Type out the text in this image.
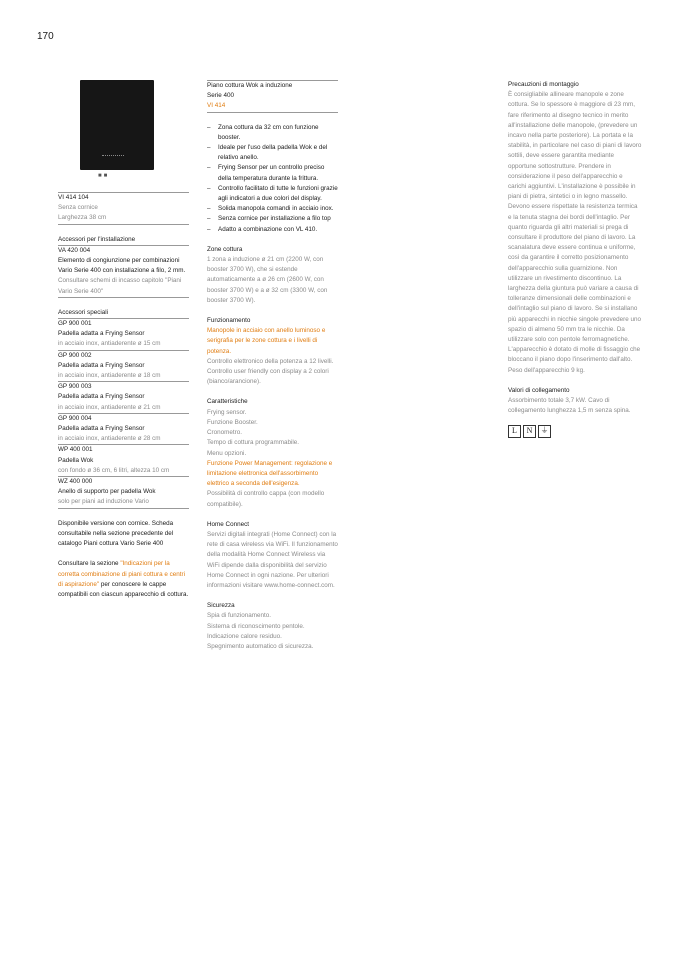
170
■■
VI 414 104
Senza cornice
Larghezza 38 cm
Accessori per l'installazione
VA 420 004
Elemento di congiunzione per combinazioni Vario Serie 400 con installazione a filo, 2 mm.
Consultare schemi di incasso capitolo "Piani Vario Serie 400"
Accessori speciali
GP 900 001
Padella adatta a Frying Sensor
in acciaio inox, antiaderente ø 15 cm
GP 900 002
Padella adatta a Frying Sensor
in acciaio inox, antiaderente ø 18 cm
GP 900 003
Padella adatta a Frying Sensor
in acciaio inox, antiaderente ø 21 cm
GP 900 004
Padella adatta a Frying Sensor
in acciaio inox, antiaderente ø 28 cm
WP 400 001
Padella Wok
con fondo ø 36 cm, 6 litri, altezza 10 cm
WZ 400 000
Anello di supporto per padella Wok
solo per piani ad induzione Vario
Disponibile versione con cornice. Scheda consultabile nella sezione precedente del catalogo Piani cottura Vario Serie 400
Consultare la sezione "Indicazioni per la corretta combinazione di piani cottura e centri di aspirazione" per conoscere le cappe compatibili con ciascun apparecchio di cottura.
Piano cottura Wok a induzione
Serie 400
VI 414
–	Zona cottura da 32 cm con funzione booster.
–	Ideale per l'uso della padella Wok e del relativo anello.
–	Frying Sensor per un controllo preciso della temperatura durante la frittura.
–	Controllo facilitato di tutte le funzioni grazie agli indicatori a due colori del display.
–	Solida manopola comandi in acciaio inox.
–	Senza cornice per installazione a filo top
–	Adatto a combinazione con VL 410.
Zone cottura
1 zona a induzione ø 21 cm (2200 W, con booster 3700 W), che si estende automaticamente a ø 26 cm (2600 W, con booster 3700 W) e a ø 32 cm (3300 W, con booster 3700 W).
Funzionamento
Manopole in acciaio con anello luminoso e serigrafia per le zone cottura e i livelli di potenza.
Controllo elettronico della potenza a 12 livelli.
Controllo user friendly con display a 2 colori (bianco/arancione).
Caratteristiche
Frying sensor.
Funzione Booster.
Cronometro.
Tempo di cottura programmabile.
Menu opzioni.
Funzione Power Management: regolazione e limitazione elettronica dell'assorbimento elettrico a seconda dell'esigenza.
Possibilità di controllo cappa (con modello compatibile).
Home Connect
Servizi digitali integrati (Home Connect) con la rete di casa wireless via WiFi. Il funzionamento della modalità Home Connect Wireless via WiFi dipende dalla disponibilità del servizio Home Connect in ogni nazione. Per ulteriori informazioni visitare www.home-connect.com.
Sicurezza
Spia di funzionamento.
Sistema di riconoscimento pentole.
Indicazione calore residuo.
Spegnimento automatico di sicurezza.
Precauzioni di montaggio
È consigliabile allineare manopole e zone cottura. Se lo spessore è maggiore di 23 mm, fare riferimento al disegno tecnico in merito all'installazione delle manopole, (prevedere un incavo nella parte posteriore). La portata e la stabilità, in particolare nel caso di piani di lavoro sottili, deve essere garantita mediante opportune sottostrutture. Prendere in considerazione il peso dell'apparecchio e carichi aggiuntivi. L'installazione è possibile in piani di pietra, sintetici o in legno massello. Devono essere rispettate la resistenza termica e la tenuta stagna dei bordi dell'intaglio. Per quanto riguarda gli altri materiali si prega di consultare il produttore del piano di lavoro. La scanalatura deve essere continua e uniforme, così da garantire il corretto posizionamento dell'apparecchio sulla guarnizione. Non utilizzare un rivestimento discontinuo. La larghezza della giuntura può variare a causa di tolleranze dimensionali delle combinazioni e dell'intaglio sul piano di lavoro. Se si installano più apparecchi in nicchie singole prevedere uno spazio di almeno 50 mm tra le nicchie. Da utilizzare solo con pentole ferromagnetiche. L'apparecchio è dotato di molle di fissaggio che bloccano il piano dopo l'inserimento dall'alto. Peso dell'apparecchio 9 kg.
Valori di collegamento
Assorbimento totale 3,7 kW. Cavo di collegamento lunghezza 1,5 m senza spina.
L	N	⏚
